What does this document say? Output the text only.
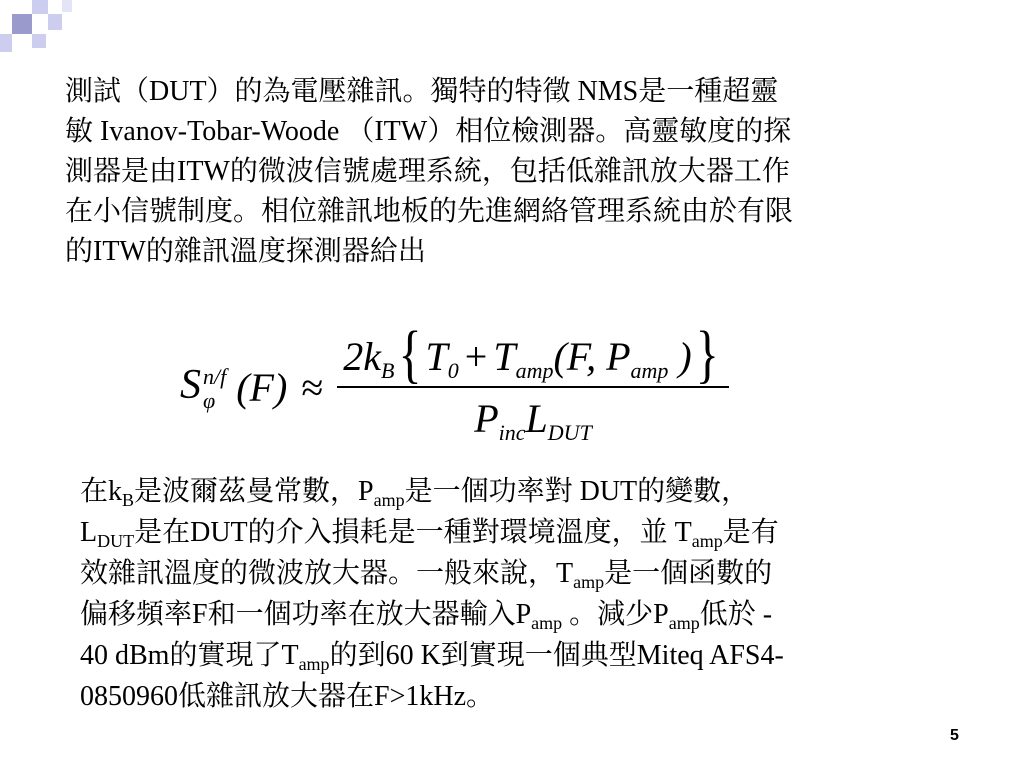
測試（DUT）的為電壓雜訊。獨特的特徵 NMS是一種超靈
敏 Ivanov-Tobar-Woode （ITW）相位檢測器。高靈敏度的探
測器是由ITW的微波信號處理系統，包括低雜訊放大器工作
在小信號制度。相位雜訊地板的先進網絡管理系統由於有限
的ITW的雜訊溫度探測器給出
S n/f
φ $(F) \approx \frac{2k_B\{ T_0 + T_{amp}(F, P_{amp} )\}}{P_{inc}L_{DUT}}$
在$k_B$是波爾茲曼常數，$P_{amp}$是一個功率對 DUT的變數，
$L_{DUT}$是在DUT的介入損耗是一種對環境溫度，並 $T_{amp}$是有
效雜訊溫度的微波放大器。一般來說，$T_{amp}$是一個函數的
偏移頻率F和一個功率在放大器輸入$P_{amp}$ 。減少$P_{amp}$低於 -
40 dBm的實現了$T_{amp}$的到60 K到實現一個典型Miteq AFS4-
0850960低雜訊放大器在F>1kHz。
5
